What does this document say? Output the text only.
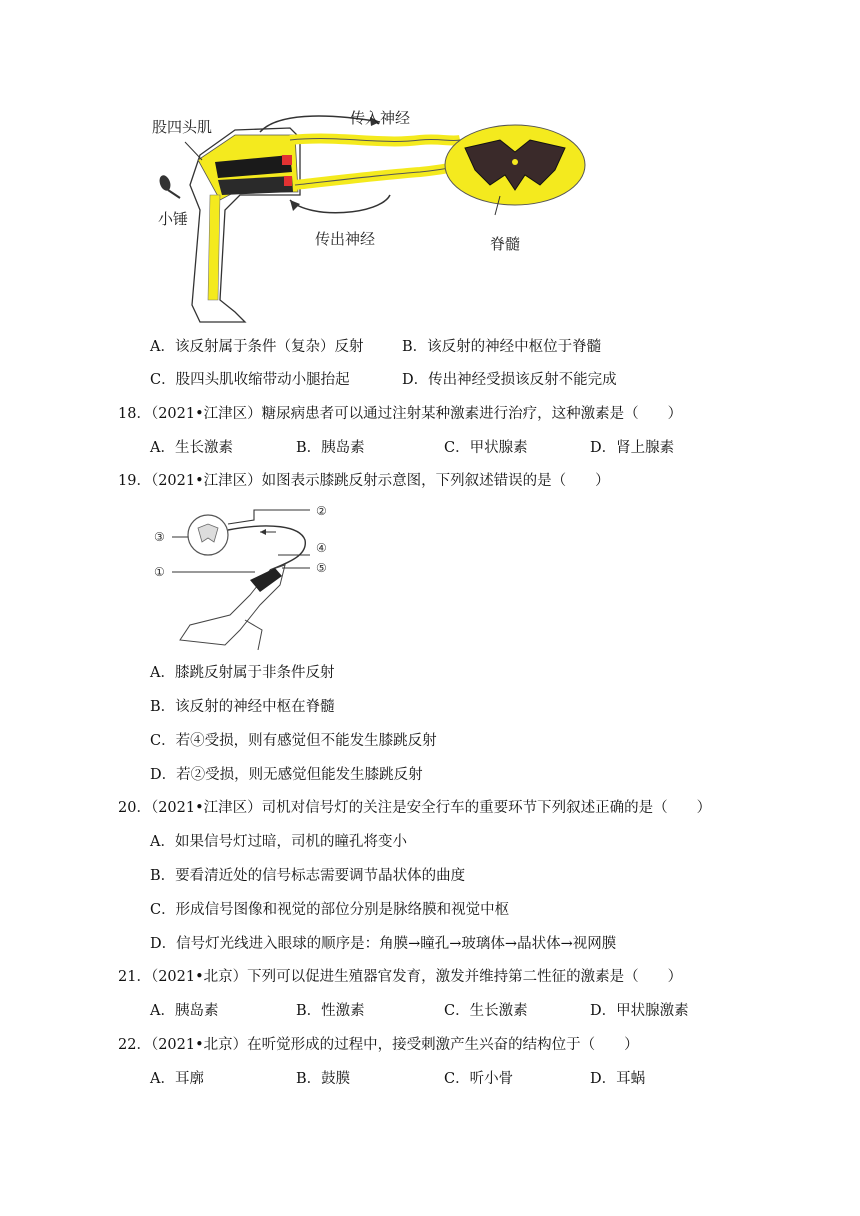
股四头肌	传入神经
小锤
传出神经	脊髓
A．该反射属于条件（复杂）反射	B．该反射的神经中枢位于脊髓
C．股四头肌收缩带动小腿抬起	D．传出神经受损该反射不能完成
18．（2021•江津区）糖尿病患者可以通过注射某种激素进行治疗，这种激素是（　　）
A．生长激素	B．胰岛素	C．甲状腺素	D．肾上腺素
19．（2021•江津区）如图表示膝跳反射示意图，下列叙述错误的是（　　）
①
②
③
④
⑤
A．膝跳反射属于非条件反射
B．该反射的神经中枢在脊髓
C．若④受损，则有感觉但不能发生膝跳反射
D．若②受损，则无感觉但能发生膝跳反射
20．（2021•江津区）司机对信号灯的关注是安全行车的重要环节下列叙述正确的是（　　）
A．如果信号灯过暗，司机的瞳孔将变小
B．要看清近处的信号标志需要调节晶状体的曲度
C．形成信号图像和视觉的部位分别是脉络膜和视觉中枢
D．信号灯光线进入眼球的顺序是：角膜→瞳孔→玻璃体→晶状体→视网膜
21．（2021•北京）下列可以促进生殖器官发育，激发并维持第二性征的激素是（　　）
A．胰岛素	B．性激素	C．生长激素	D．甲状腺激素
22．（2021•北京）在听觉形成的过程中，接受刺激产生兴奋的结构位于（　　）
A．耳廓	B．鼓膜	C．听小骨	D．耳蜗
